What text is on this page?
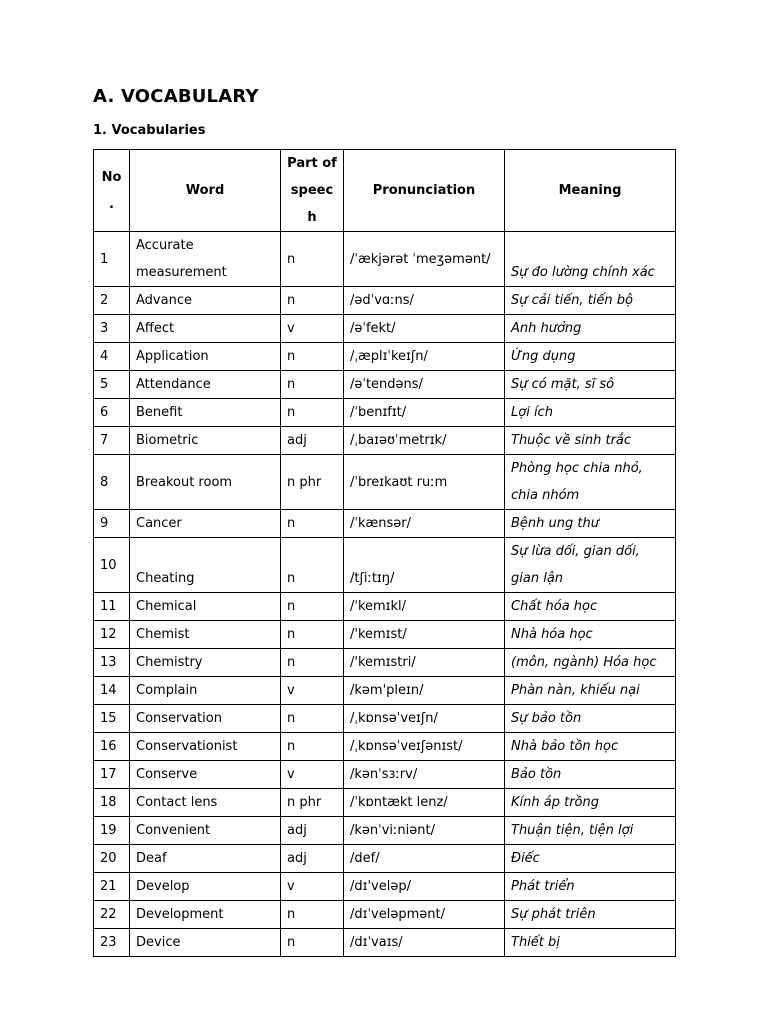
A. VOCABULARY
1. Vocabularies
No.	Word	Part of speech	Pronunciation	Meaning
1	Accurate measurement	n	/ˈækjərət ˈmeʒəmənt/	Sự đo lường chính xác
2	Advance	n	/ədˈvɑːns/	Sự cải tiến, tiến bộ
3	Affect	v	/əˈfekt/	Anh hưởng
4	Application	n	/ˌæplɪˈkeɪʃn/	Ứng dụng
5	Attendance	n	/əˈtendəns/	Sự có mặt, sĩ sô
6	Benefit	n	/ˈbenɪfɪt/	Lợi ích
7	Biometric	adj	/ˌbaɪəʊˈmetrɪk/	Thuộc về sinh trắc
8	Breakout room	n phr	/ˈbreɪkaʊt ruːm	Phòng học chia nhỏ, chia nhóm
9	Cancer	n	/ˈkænsər/	Bệnh ung thư
10	Cheating	n	/tʃiːtɪŋ/	Sự lừa dối, gian dối, gian lận
11	Chemical	n	/ˈkemɪkl/	Chất hóa học
12	Chemist	n	/'kemɪst/	Nhà hóa học
13	Chemistry	n	/'kemɪstri/	(môn, ngành) Hóa học
14	Complain	v	/kəm'pleɪn/	Phàn nàn, khiếu nại
15	Conservation	n	/ˌkɒnsəˈveɪʃn/	Sự bảo tồn
16	Conservationist	n	/ˌkɒnsəˈveɪʃənɪst/	Nhà bảo tồn học
17	Conserve	v	/kənˈsɜːrv/	Bảo tồn
18	Contact lens	n phr	/ˈkɒntækt lenz/	Kính áp trồng
19	Convenient	adj	/kənˈviːniənt/	Thuận tiện, tiện lợi
20	Deaf	adj	/def/	Điếc
21	Develop	v	/dɪ'veləp/	Phát triển
22	Development	n	/dɪˈveləpmənt/	Sự phát triên
23	Device	n	/dɪˈvaɪs/	Thiết bị
